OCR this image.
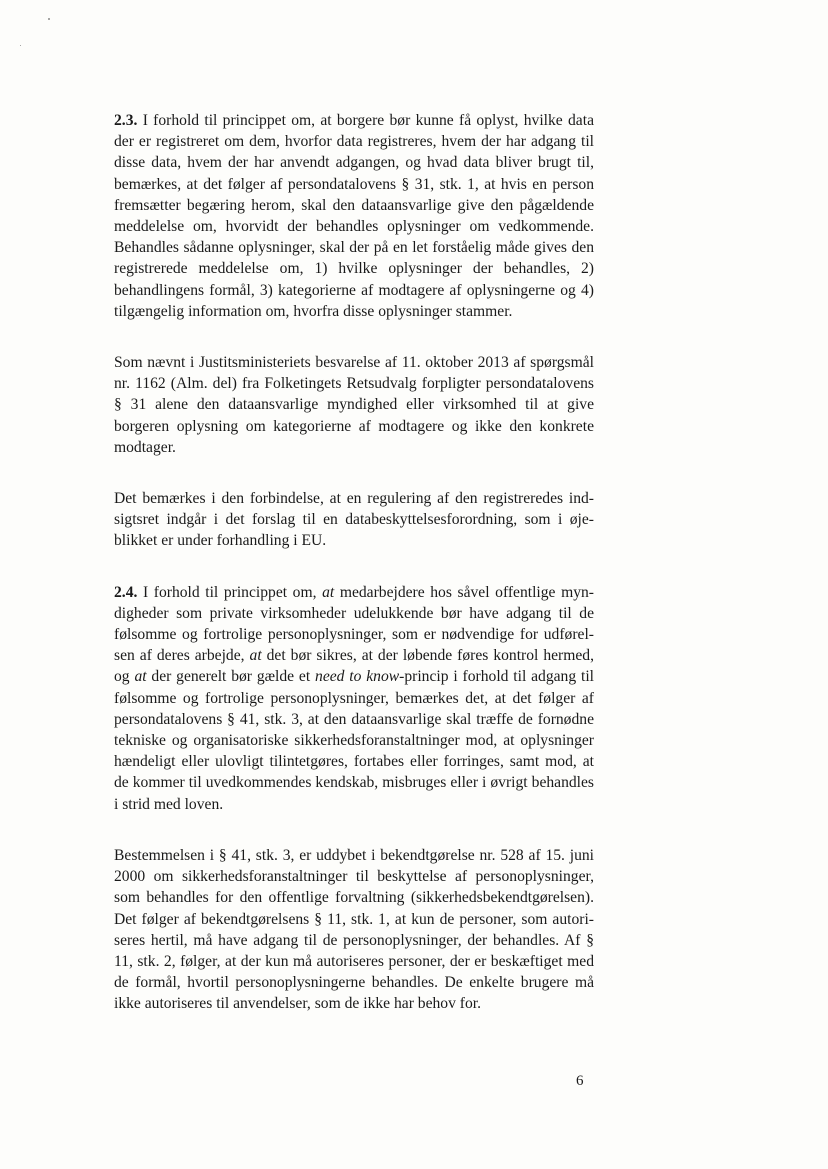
2.3. I forhold til princippet om, at borgere bør kunne få oplyst, hvilke data der er registreret om dem, hvorfor data registreres, hvem der har adgang til disse data, hvem der har anvendt adgangen, og hvad data bliver brugt til, bemærkes, at det følger af persondatalovens § 31, stk. 1, at hvis en person fremsætter begæring herom, skal den dataansvarlige give den pågældende meddelelse om, hvorvidt der behandles oplysninger om vedkommende. Behandles sådanne oplysninger, skal der på en let forståelig måde gives den registrerede meddelelse om, 1) hvilke oplysninger der behandles, 2) behandlingens formål, 3) kategorierne af modtagere af oplysningerne og 4) tilgængelig information om, hvorfra disse oplysninger stammer.

Som nævnt i Justitsministeriets besvarelse af 11. oktober 2013 af spørgsmål nr. 1162 (Alm. del) fra Folketingets Retsudvalg forpligter persondatalovens § 31 alene den dataansvarlige myndighed eller virksomhed til at give borgeren oplysning om kategorierne af modtagere og ikke den konkrete modtager.

Det bemærkes i den forbindelse, at en regulering af den registreredes indsigtsret indgår i det forslag til en databeskyttelsesforordning, som i øjeblikket er under forhandling i EU.

2.4. I forhold til princippet om, at medarbejdere hos såvel offentlige myndigheder som private virksomheder udelukkende bør have adgang til de følsomme og fortrolige personoplysninger, som er nødvendige for udførelsen af deres arbejde, at det bør sikres, at der løbende føres kontrol hermed, og at der generelt bør gælde et need to know-princip i forhold til adgang til følsomme og fortrolige personoplysninger, bemærkes det, at det følger af persondatalovens § 41, stk. 3, at den dataansvarlige skal træffe de fornødne tekniske og organisatoriske sikkerhedsforanstaltninger mod, at oplysninger hændeligt eller ulovligt tilintetgøres, fortabes eller forringes, samt mod, at de kommer til uvedkommendes kendskab, misbruges eller i øvrigt behandles i strid med loven.

Bestemmelsen i § 41, stk. 3, er uddybet i bekendtgørelse nr. 528 af 15. juni 2000 om sikkerhedsforanstaltninger til beskyttelse af personoplysninger, som behandles for den offentlige forvaltning (sikkerhedsbekendtgørelsen). Det følger af bekendtgørelsens § 11, stk. 1, at kun de personer, som autoriseres hertil, må have adgang til de personoplysninger, der behandles. Af § 11, stk. 2, følger, at der kun må autoriseres personer, der er beskæftiget med de formål, hvortil personoplysningerne behandles. De enkelte brugere må ikke autoriseres til anvendelser, som de ikke har behov for.

6
